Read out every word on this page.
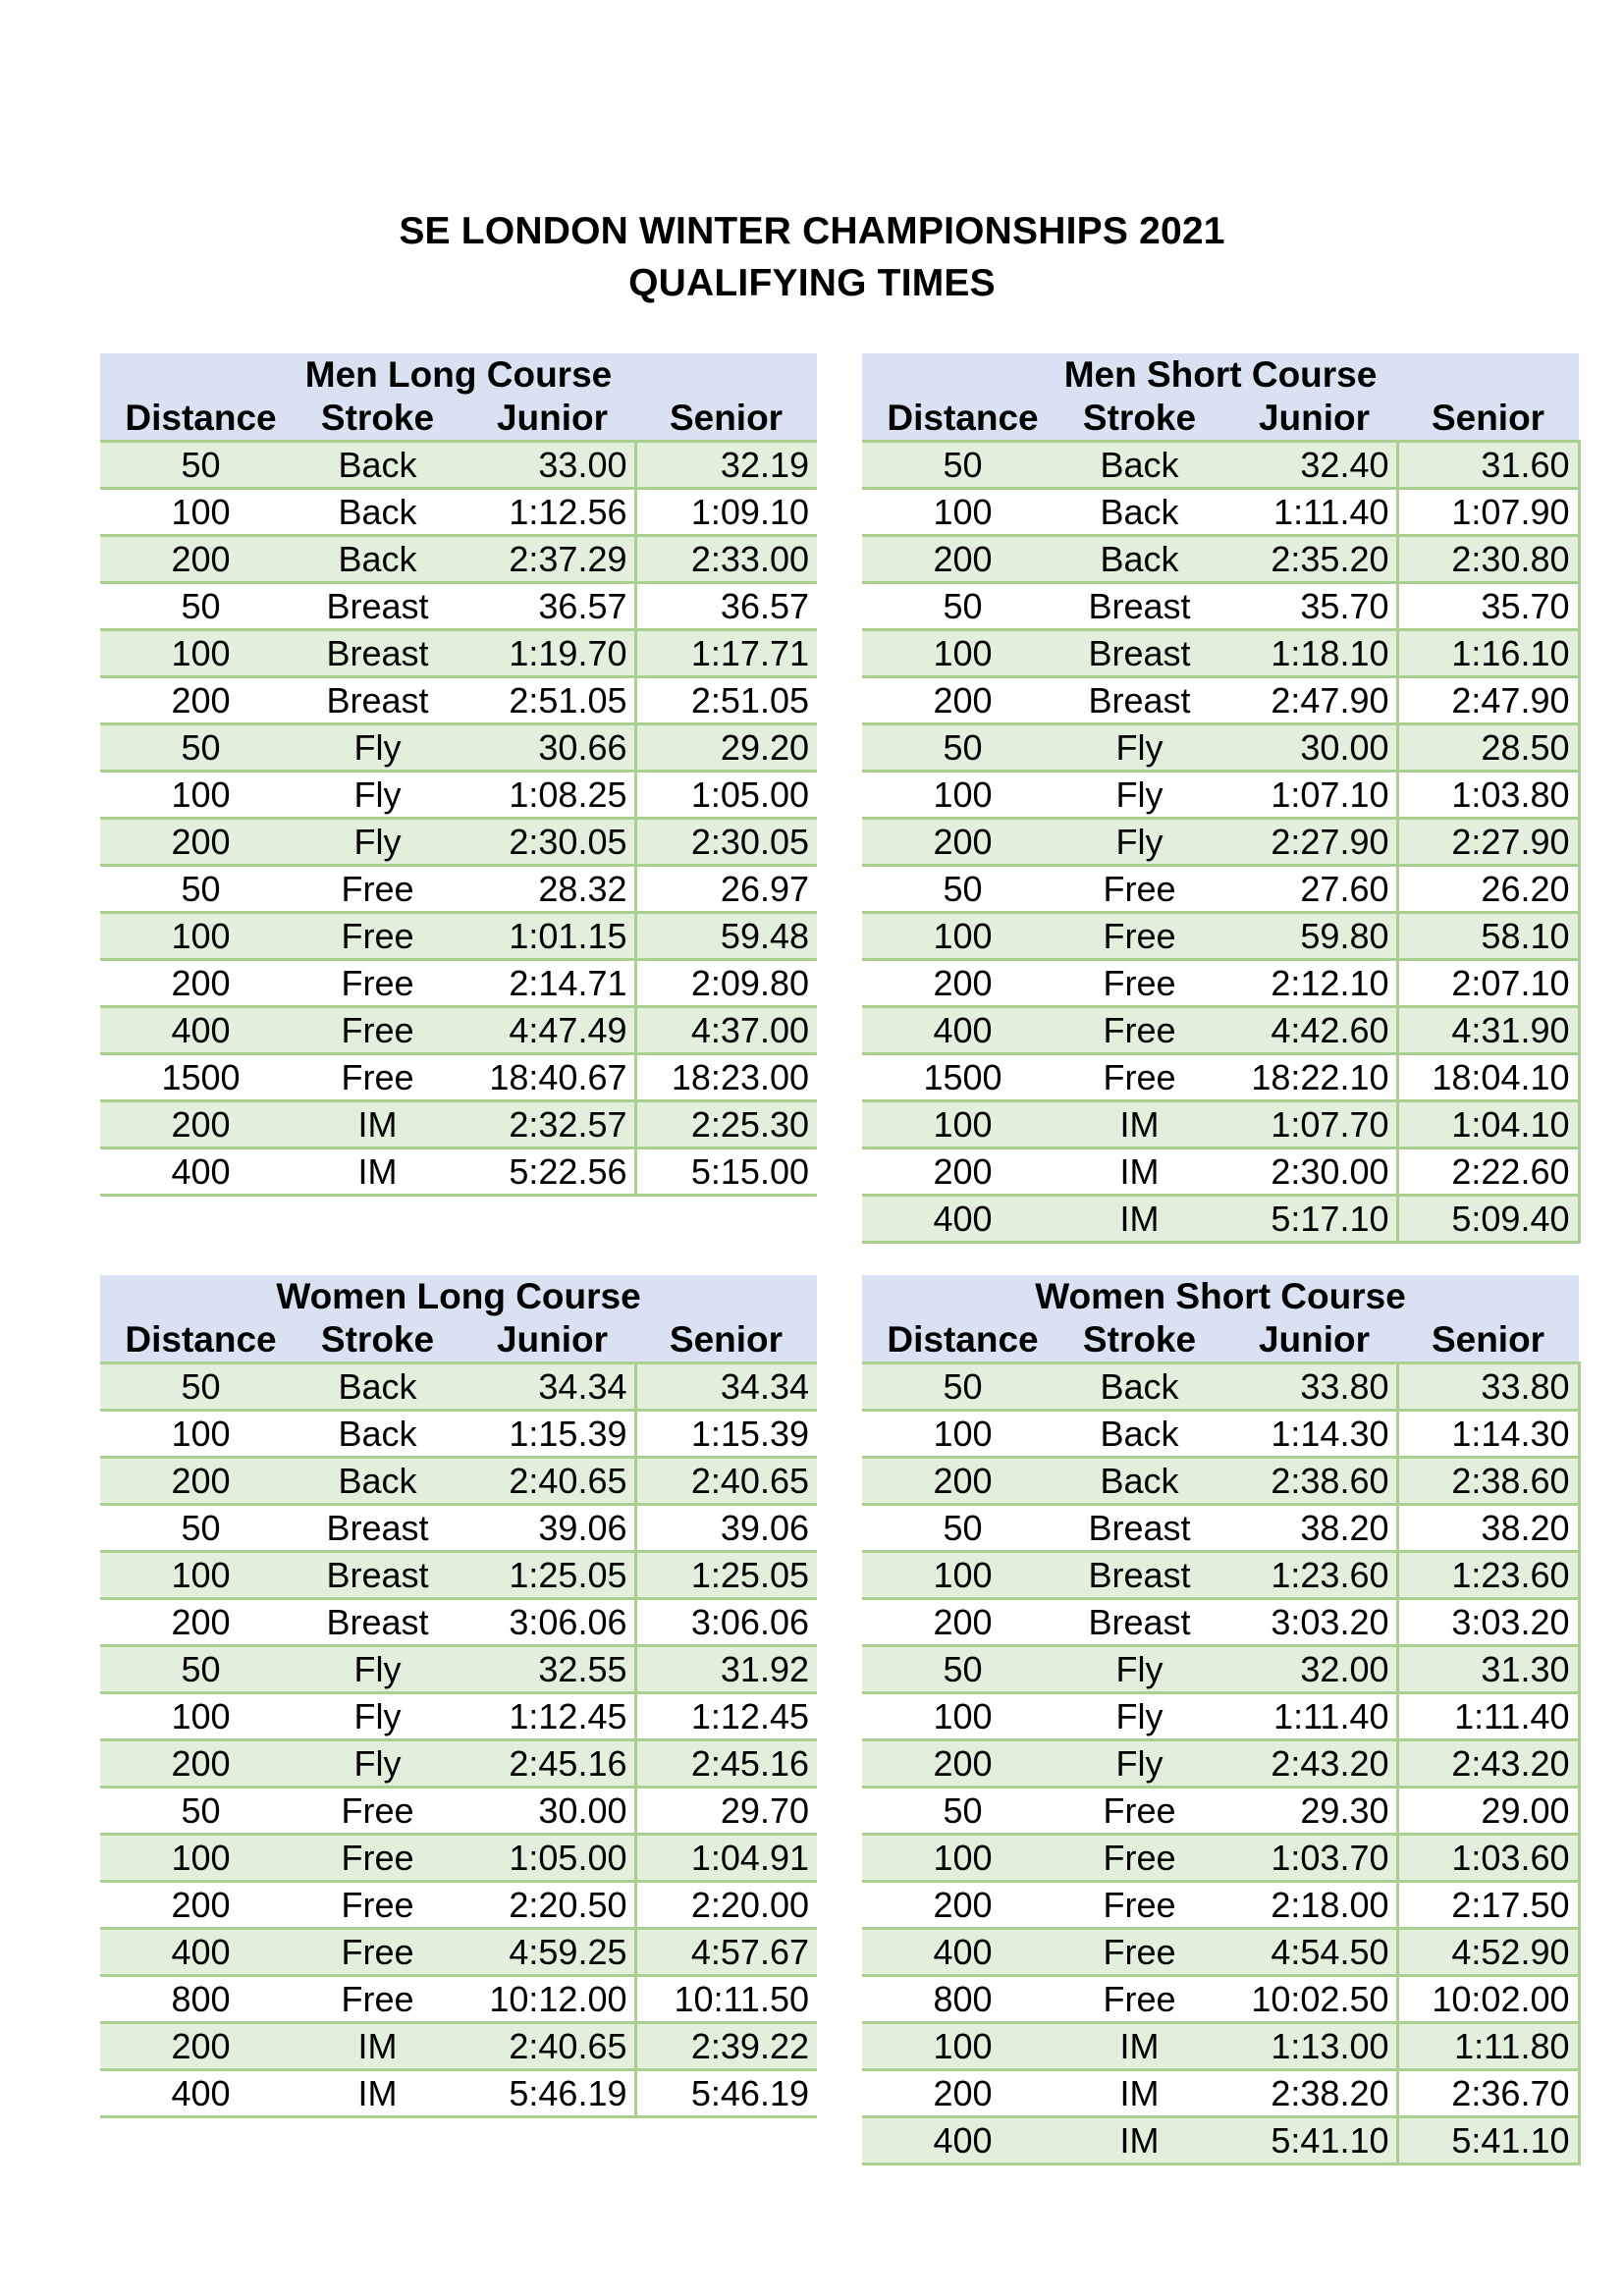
SE LONDON WINTER CHAMPIONSHIPS 2021
QUALIFYING TIMES
Men Long Course			
Distance	Stroke	Junior	Senior
50	Back	33.00	32.19
100	Back	1:12.56	1:09.10
200	Back	2:37.29	2:33.00
50	Breast	36.57	36.57
100	Breast	1:19.70	1:17.71
200	Breast	2:51.05	2:51.05
50	Fly	30.66	29.20
100	Fly	1:08.25	1:05.00
200	Fly	2:30.05	2:30.05
50	Free	28.32	26.97
100	Free	1:01.15	59.48
200	Free	2:14.71	2:09.80
400	Free	4:47.49	4:37.00
1500	Free	18:40.67	18:23.00
200	IM	2:32.57	2:25.30
400	IM	5:22.56	5:15.00
Men Short Course			
Distance	Stroke	Junior	Senior
50	Back	32.40	31.60
100	Back	1:11.40	1:07.90
200	Back	2:35.20	2:30.80
50	Breast	35.70	35.70
100	Breast	1:18.10	1:16.10
200	Breast	2:47.90	2:47.90
50	Fly	30.00	28.50
100	Fly	1:07.10	1:03.80
200	Fly	2:27.90	2:27.90
50	Free	27.60	26.20
100	Free	59.80	58.10
200	Free	2:12.10	2:07.10
400	Free	4:42.60	4:31.90
1500	Free	18:22.10	18:04.10
100	IM	1:07.70	1:04.10
200	IM	2:30.00	2:22.60
400	IM	5:17.10	5:09.40
Women Long Course			
Distance	Stroke	Junior	Senior
50	Back	34.34	34.34
100	Back	1:15.39	1:15.39
200	Back	2:40.65	2:40.65
50	Breast	39.06	39.06
100	Breast	1:25.05	1:25.05
200	Breast	3:06.06	3:06.06
50	Fly	32.55	31.92
100	Fly	1:12.45	1:12.45
200	Fly	2:45.16	2:45.16
50	Free	30.00	29.70
100	Free	1:05.00	1:04.91
200	Free	2:20.50	2:20.00
400	Free	4:59.25	4:57.67
800	Free	10:12.00	10:11.50
200	IM	2:40.65	2:39.22
400	IM	5:46.19	5:46.19
Women Short Course			
Distance	Stroke	Junior	Senior
50	Back	33.80	33.80
100	Back	1:14.30	1:14.30
200	Back	2:38.60	2:38.60
50	Breast	38.20	38.20
100	Breast	1:23.60	1:23.60
200	Breast	3:03.20	3:03.20
50	Fly	32.00	31.30
100	Fly	1:11.40	1:11.40
200	Fly	2:43.20	2:43.20
50	Free	29.30	29.00
100	Free	1:03.70	1:03.60
200	Free	2:18.00	2:17.50
400	Free	4:54.50	4:52.90
800	Free	10:02.50	10:02.00
100	IM	1:13.00	1:11.80
200	IM	2:38.20	2:36.70
400	IM	5:41.10	5:41.10
